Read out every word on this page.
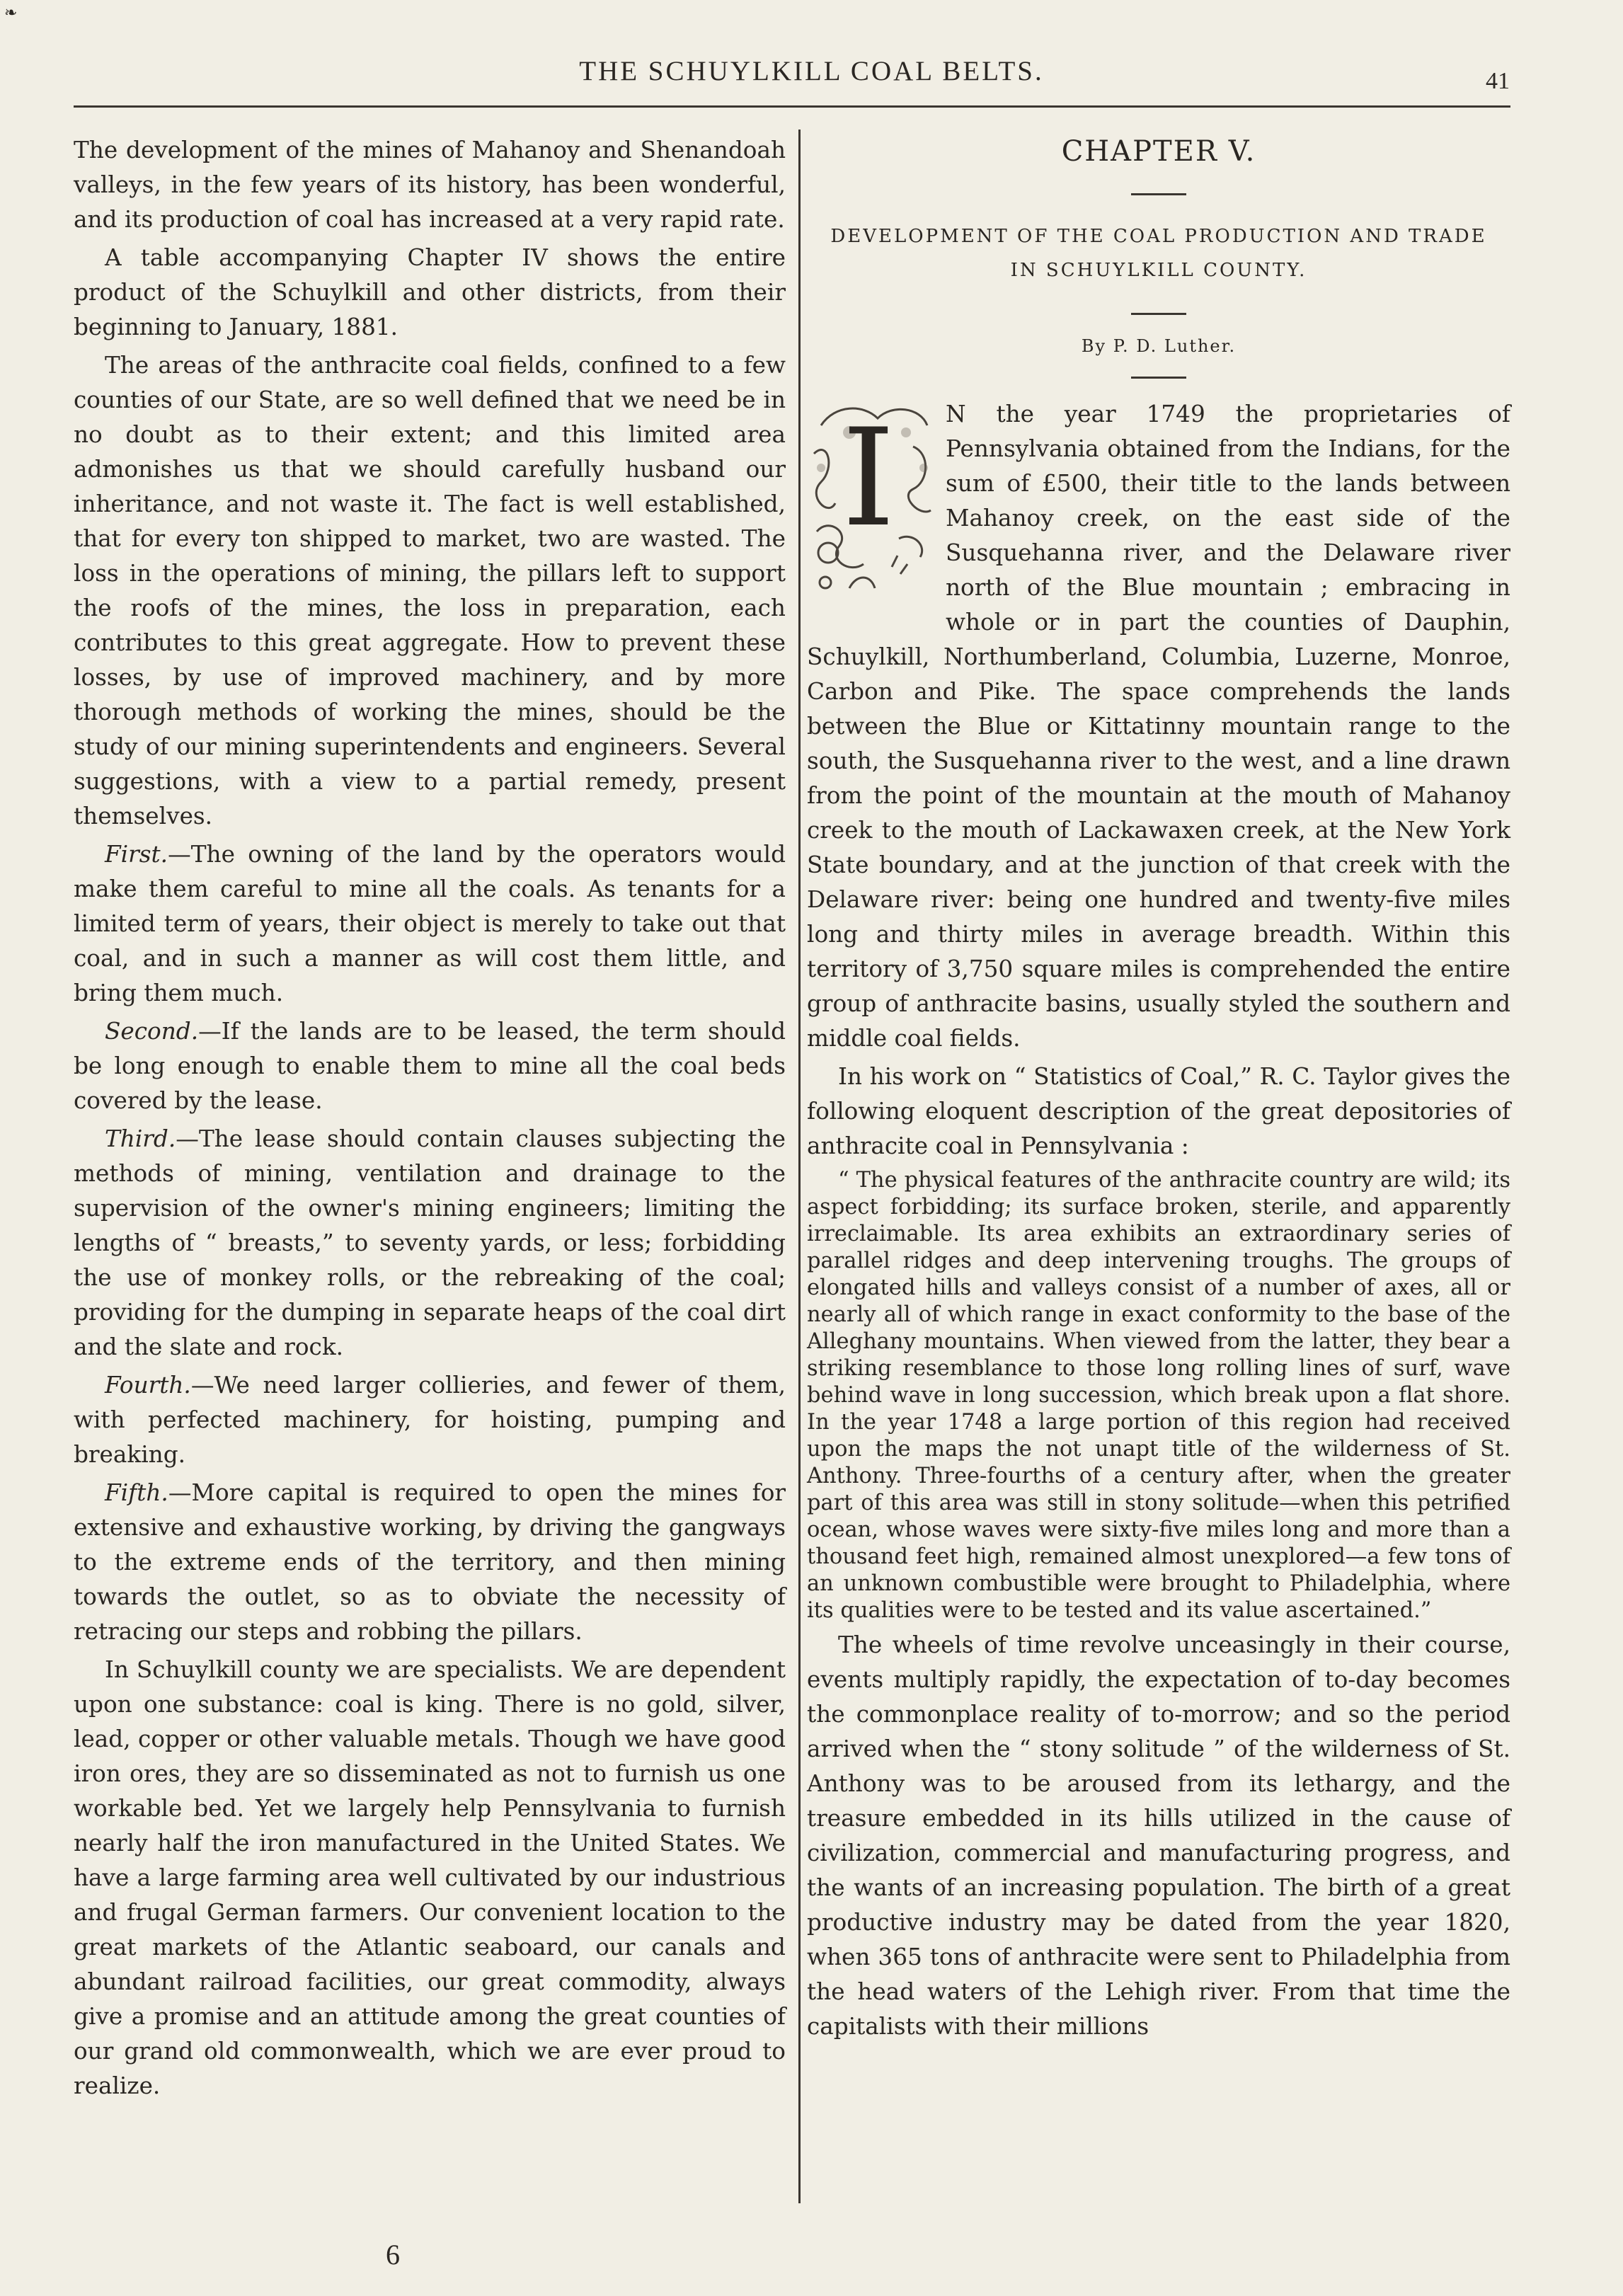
❧
THE SCHUYLKILL COAL BELTS.	41

The development of the mines of Mahanoy and Shenandoah valleys, in the few years of its history, has been wonderful, and its production of coal has increased at a very rapid rate.

A table accompanying Chapter IV shows the entire product of the Schuylkill and other districts, from their beginning to January, 1881.

The areas of the anthracite coal fields, confined to a few counties of our State, are so well defined that we need be in no doubt as to their extent; and this limited area admonishes us that we should carefully husband our inheritance, and not waste it. The fact is well established, that for every ton shipped to market, two are wasted. The loss in the operations of mining, the pillars left to support the roofs of the mines, the loss in preparation, each contributes to this great aggregate. How to prevent these losses, by use of improved machinery, and by more thorough methods of working the mines, should be the study of our mining superintendents and engineers. Several suggestions, with a view to a partial remedy, present themselves.

First.—The owning of the land by the operators would make them careful to mine all the coals. As tenants for a limited term of years, their object is merely to take out that coal, and in such a manner as will cost them little, and bring them much.

Second.—If the lands are to be leased, the term should be long enough to enable them to mine all the coal beds covered by the lease.

Third.—The lease should contain clauses subjecting the methods of mining, ventilation and drainage to the supervision of the owner's mining engineers; limiting the lengths of “ breasts,” to seventy yards, or less; forbidding the use of monkey rolls, or the rebreaking of the coal; providing for the dumping in separate heaps of the coal dirt and the slate and rock.

Fourth.—We need larger collieries, and fewer of them, with perfected machinery, for hoisting, pumping and breaking.

Fifth.—More capital is required to open the mines for extensive and exhaustive working, by driving the gangways to the extreme ends of the territory, and then mining towards the outlet, so as to obviate the necessity of retracing our steps and robbing the pillars.

In Schuylkill county we are specialists. We are dependent upon one substance: coal is king. There is no gold, silver, lead, copper or other valuable metals. Though we have good iron ores, they are so disseminated as not to furnish us one workable bed. Yet we largely help Pennsylvania to furnish nearly half the iron manufactured in the United States. We have a large farming area well cultivated by our industrious and frugal German farmers. Our convenient location to the great markets of the Atlantic seaboard, our canals and abundant railroad facilities, our great commodity, always give a promise and an attitude among the great counties of our grand old commonwealth, which we are ever proud to realize.

CHAPTER V.
DEVELOPMENT OF THE COAL PRODUCTION AND TRADE
IN SCHUYLKILL COUNTY.
By P. D. Luther.
I	N the year 1749 the proprietaries of Pennsylvania obtained from the Indians, for the sum of £500, their title to the lands between Mahanoy creek, on the east side of the Susquehanna river, and the Delaware river north of the Blue mountain ; embracing in whole or in part the counties of Dauphin, Schuylkill, Northumberland, Columbia, Luzerne, Monroe, Carbon and Pike. The space comprehends the lands between the Blue or Kittatinny mountain range to the south, the Susquehanna river to the west, and a line drawn from the point of the mountain at the mouth of Mahanoy creek to the mouth of Lackawaxen creek, at the New York State boundary, and at the junction of that creek with the Delaware river: being one hundred and twenty-five miles long and thirty miles in average breadth. Within this territory of 3,750 square miles is comprehended the entire group of anthracite basins, usually styled the southern and middle coal fields.

In his work on “ Statistics of Coal,” R. C. Taylor gives the following eloquent description of the great depositories of anthracite coal in Pennsylvania :

“ The physical features of the anthracite country are wild; its aspect forbidding; its surface broken, sterile, and apparently irreclaimable. Its area exhibits an extraordinary series of parallel ridges and deep intervening troughs. The groups of elongated hills and valleys consist of a number of axes, all or nearly all of which range in exact conformity to the base of the Alleghany mountains. When viewed from the latter, they bear a striking resemblance to those long rolling lines of surf, wave behind wave in long succession, which break upon a flat shore. In the year 1748 a large portion of this region had received upon the maps the not unapt title of the wilderness of St. Anthony. Three-fourths of a century after, when the greater part of this area was still in stony solitude—when this petrified ocean, whose waves were sixty-five miles long and more than a thousand feet high, remained almost unexplored—a few tons of an unknown combustible were brought to Philadelphia, where its qualities were to be tested and its value ascertained.”

The wheels of time revolve unceasingly in their course, events multiply rapidly, the expectation of to-day becomes the commonplace reality of to-morrow; and so the period arrived when the “ stony solitude ” of the wilderness of St. Anthony was to be aroused from its lethargy, and the treasure embedded in its hills utilized in the cause of civilization, commercial and manufacturing progress, and the wants of an increasing population. The birth of a great productive industry may be dated from the year 1820, when 365 tons of anthracite were sent to Philadelphia from the head waters of the Lehigh river. From that time the capitalists with their millions

6
